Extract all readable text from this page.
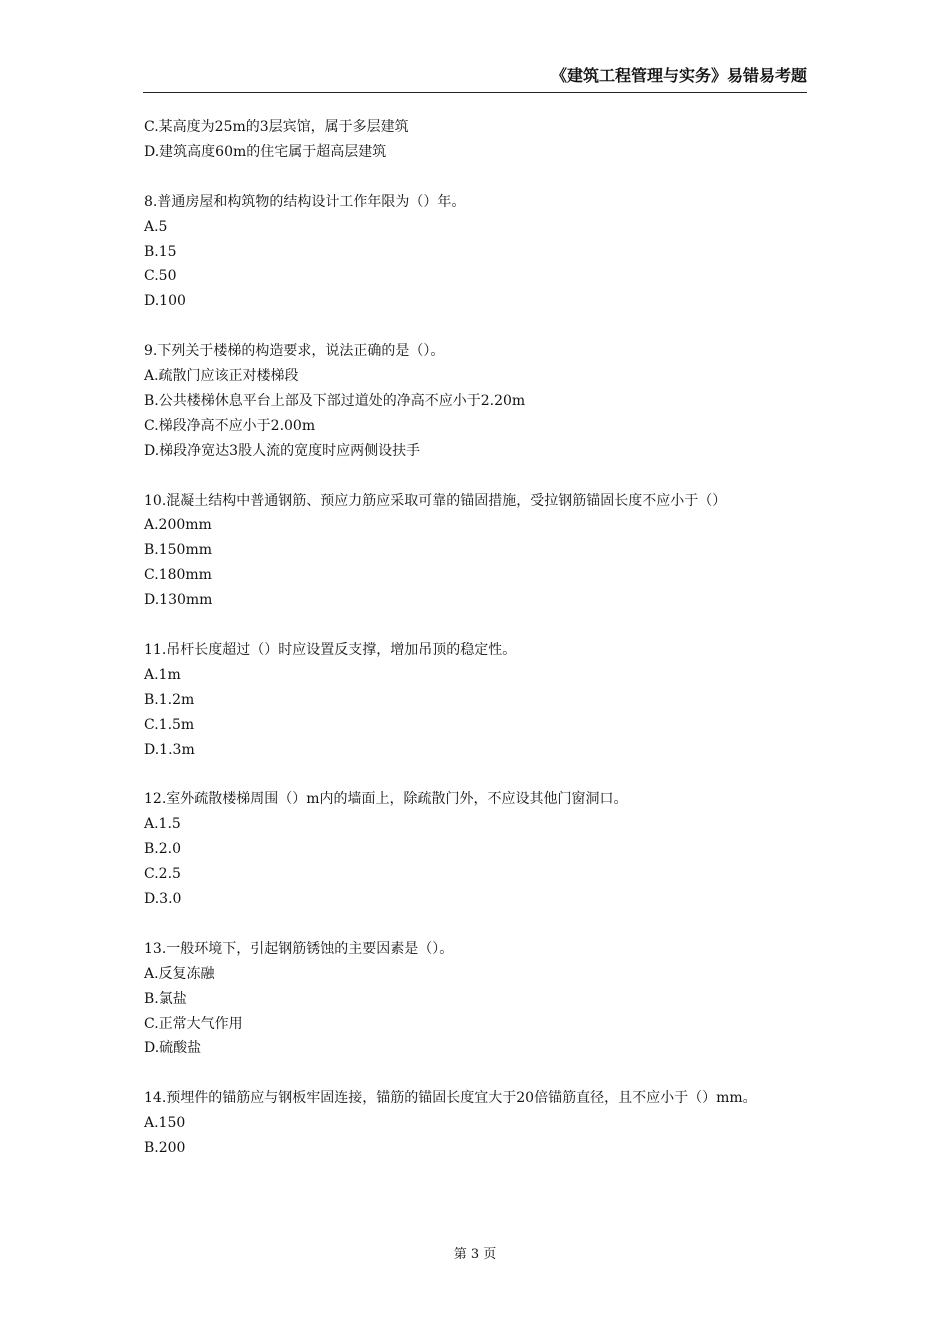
《建筑工程管理与实务》易错易考题
C.某高度为25m的3层宾馆，属于多层建筑
D.建筑高度60m的住宅属于超高层建筑
8.普通房屋和构筑物的结构设计工作年限为（）年。
A.5
B.15
C.50
D.100
9.下列关于楼梯的构造要求，说法正确的是（）。
A.疏散门应该正对楼梯段
B.公共楼梯休息平台上部及下部过道处的净高不应小于2.20m
C.梯段净高不应小于2.00m
D.梯段净宽达3股人流的宽度时应两侧设扶手
10.混凝土结构中普通钢筋、预应力筋应采取可靠的锚固措施，受拉钢筋锚固长度不应小于（）
A.200mm
B.150mm
C.180mm
D.130mm
11.吊杆长度超过（）时应设置反支撑，增加吊顶的稳定性。
A.1m
B.1.2m
C.1.5m
D.1.3m
12.室外疏散楼梯周围（）m内的墙面上，除疏散门外，不应设其他门窗洞口。
A.1.5
B.2.0
C.2.5
D.3.0
13.一般环境下，引起钢筋锈蚀的主要因素是（）。
A.反复冻融
B.氯盐
C.正常大气作用
D.硫酸盐
14.预埋件的锚筋应与钢板牢固连接，锚筋的锚固长度宜大于20倍锚筋直径，且不应小于（）mm。
A.150
B.200
第 3 页
